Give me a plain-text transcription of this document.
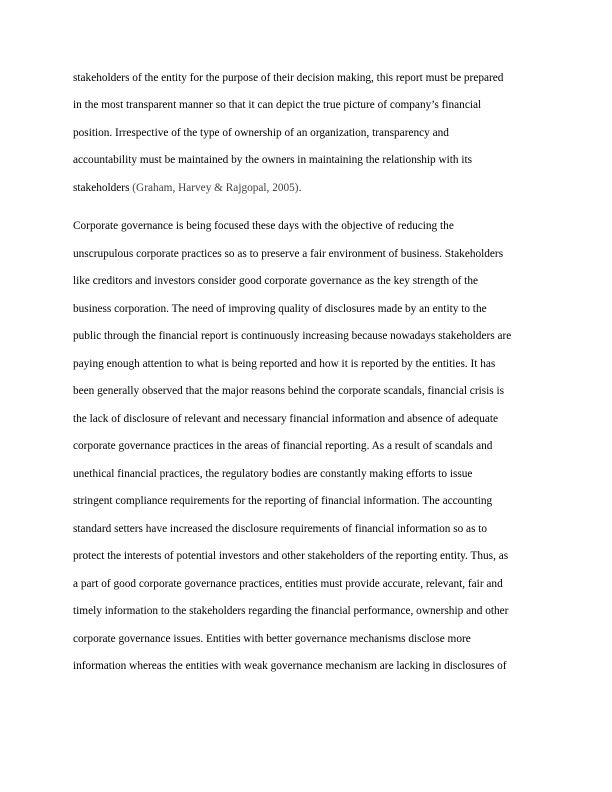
stakeholders of the entity for the purpose of their decision making, this report must be prepared
in the most transparent manner so that it can depict the true picture of company’s financial
position. Irrespective of the type of ownership of an organization, transparency and
accountability must be maintained by the owners in maintaining the relationship with its
stakeholders (Graham, Harvey & Rajgopal, 2005).
Corporate governance is being focused these days with the objective of reducing the
unscrupulous corporate practices so as to preserve a fair environment of business. Stakeholders
like creditors and investors consider good corporate governance as the key strength of the
business corporation. The need of improving quality of disclosures made by an entity to the
public through the financial report is continuously increasing because nowadays stakeholders are
paying enough attention to what is being reported and how it is reported by the entities. It has
been generally observed that the major reasons behind the corporate scandals, financial crisis is
the lack of disclosure of relevant and necessary financial information and absence of adequate
corporate governance practices in the areas of financial reporting. As a result of scandals and
unethical financial practices, the regulatory bodies are constantly making efforts to issue
stringent compliance requirements for the reporting of financial information. The accounting
standard setters have increased the disclosure requirements of financial information so as to
protect the interests of potential investors and other stakeholders of the reporting entity. Thus, as
a part of good corporate governance practices, entities must provide accurate, relevant, fair and
timely information to the stakeholders regarding the financial performance, ownership and other
corporate governance issues. Entities with better governance mechanisms disclose more
information whereas the entities with weak governance mechanism are lacking in disclosures of
